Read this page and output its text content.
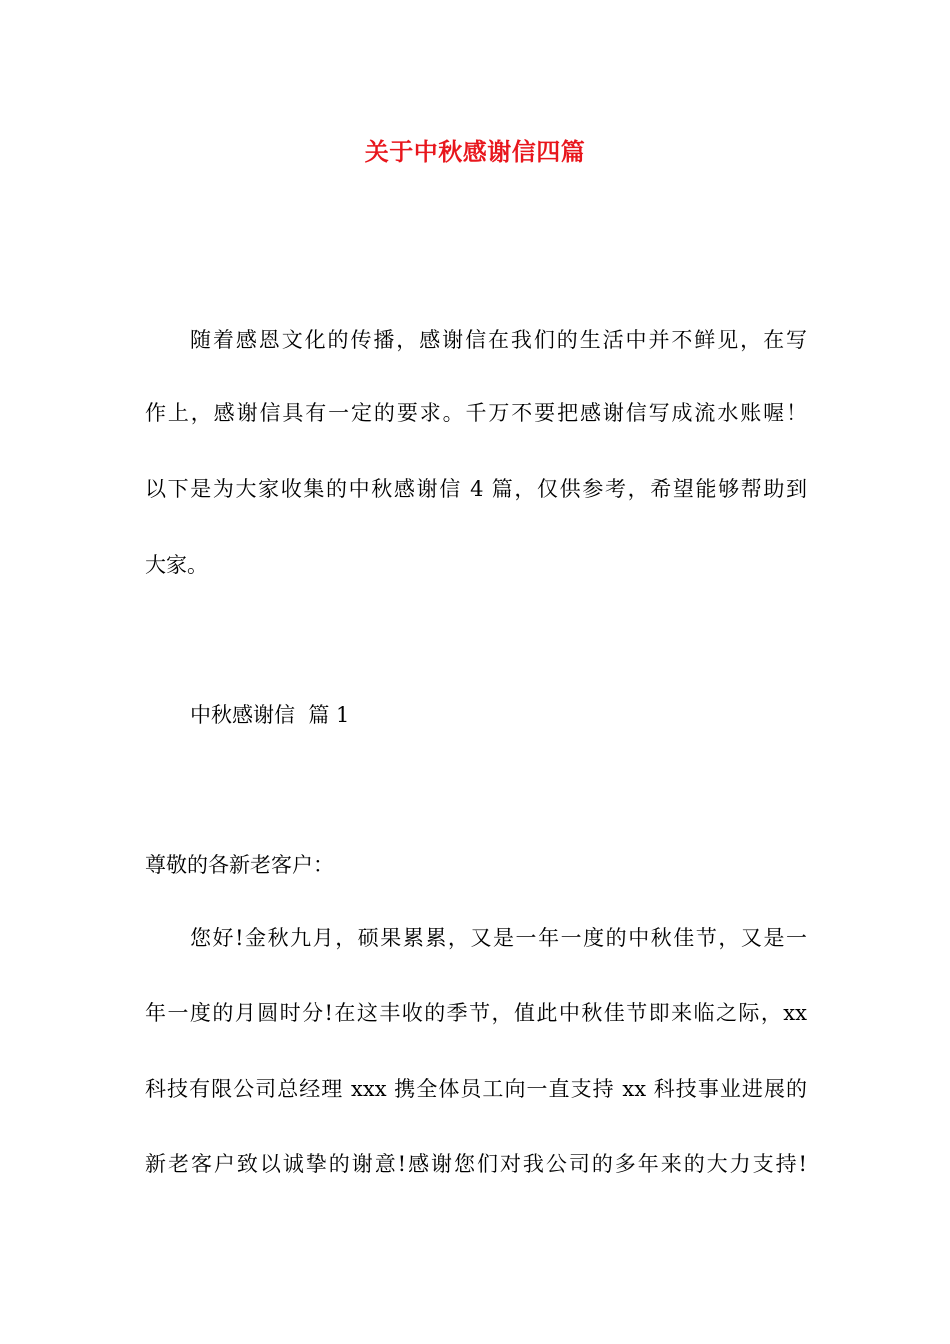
关于中秋感谢信四篇
随着感恩文化的传播，感谢信在我们的生活中并不鲜见，在写
作上，感谢信具有一定的要求。千万不要把感谢信写成流水账喔！
以下是为大家收集的中秋感谢信 4 篇，仅供参考，希望能够帮助到
大家。
中秋感谢信  篇 1
尊敬的各新老客户：
您好!金秋九月，硕果累累，又是一年一度的中秋佳节，又是一
年一度的月圆时分!在这丰收的季节，值此中秋佳节即来临之际，xx
科技有限公司总经理 xxx 携全体员工向一直支持 xx 科技事业进展的
新老客户致以诚挚的谢意!感谢您们对我公司的多年来的大力支持!
